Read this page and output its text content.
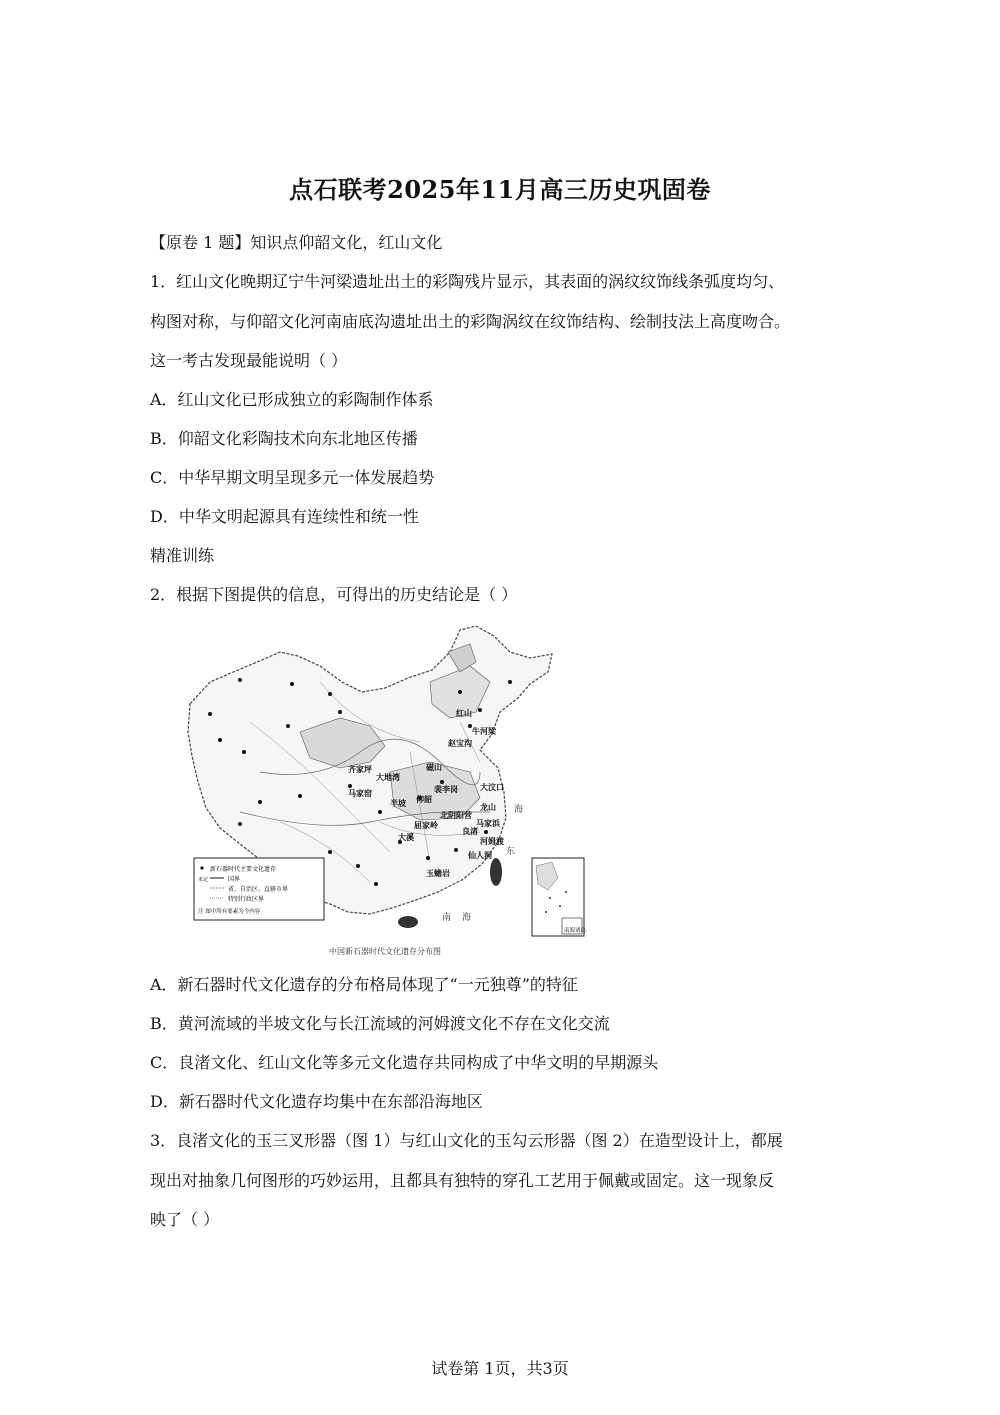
点石联考2025年11月高三历史巩固卷
【原卷 1 题】知识点仰韶文化，红山文化
1．红山文化晚期辽宁牛河梁遗址出土的彩陶残片显示，其表面的涡纹纹饰线条弧度均匀、
构图对称，与仰韶文化河南庙底沟遗址出土的彩陶涡纹在纹饰结构、绘制技法上高度吻合。
这一考古发现最能说明（ ）
A．红山文化已形成独立的彩陶制作体系
B．仰韶文化彩陶技术向东北地区传播
C．中华早期文明呈现多元一体发展趋势
D．中华文明起源具有连续性和统一性
精准训练
2．根据下图提供的信息，可得出的历史结论是（ ）
红山
牛河梁
赵宝沟
齐家坪
大地湾
马家窑
磁山
裴李岗
仰韶
半坡
北阴阳营
屈家岭
大溪
马家浜
河姆渡
良渚
仙人洞
玉蟾岩
大汶口
龙山
东
海
南 海
新石器时代主要文化遗存
未定	国界
省、自治区、直辖市界
特别行政区界
注 图中所有要素为今内容
南海诸岛
中国新石器时代文化遗存分布图
A．新石器时代文化遗存的分布格局体现了“一元独尊”的特征
B．黄河流域的半坡文化与长江流域的河姆渡文化不存在文化交流
C．良渚文化、红山文化等多元文化遗存共同构成了中华文明的早期源头
D．新石器时代文化遗存均集中在东部沿海地区
3．良渚文化的玉三叉形器（图 1）与红山文化的玉勾云形器（图 2）在造型设计上，都展
现出对抽象几何图形的巧妙运用，且都具有独特的穿孔工艺用于佩戴或固定。这一现象反
映了（ ）
试卷第 1页，共3页
